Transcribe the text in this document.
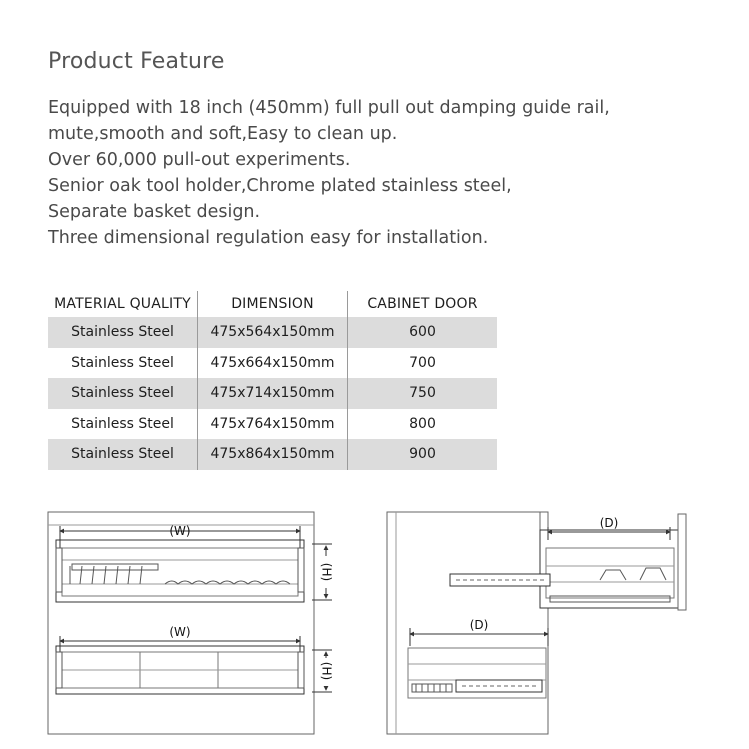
Product Feature
Equipped with 18 inch (450mm) full pull out damping guide rail,
mute,smooth and soft,Easy to clean up.
Over 60,000 pull-out experiments.
Senior oak tool holder,Chrome plated stainless steel,
Separate basket design.
Three dimensional regulation easy for installation.
MATERIAL QUALITY	DIMENSION	CABINET DOOR
Stainless Steel	475x564x150mm	600
Stainless Steel	475x664x150mm	700
Stainless Steel	475x714x150mm	750
Stainless Steel	475x764x150mm	800
Stainless Steel	475x864x150mm	900
(W)
(W)
(H)
(H)
(D)
(D)
